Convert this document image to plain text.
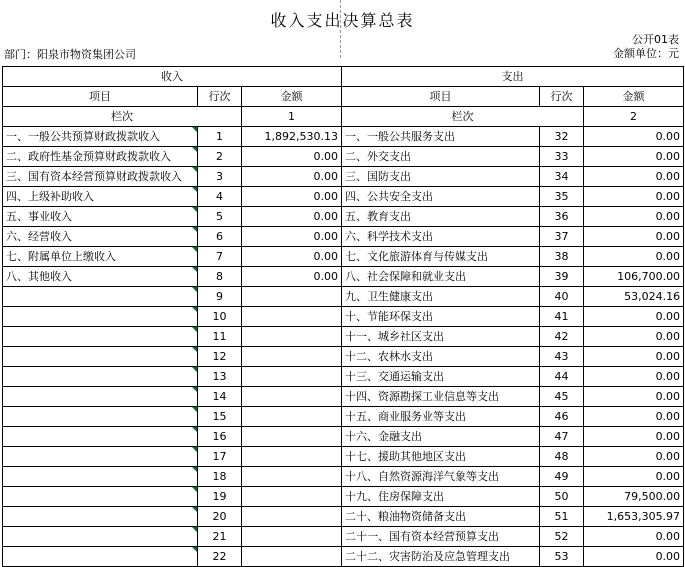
收入支出决算总表
公开01表
金额单位：元
部门：阳泉市物资集团公司
收入			支出		
项目	行次	金额	项目	行次	金额
栏次		1	栏次		2
一、一般公共预算财政拨款收入	1	1,892,530.13	一、一般公共服务支出	32	0.00
二、政府性基金预算财政拨款收入	2	0.00	二、外交支出	33	0.00
三、国有资本经营预算财政拨款收入	3	0.00	三、国防支出	34	0.00
四、上级补助收入	4	0.00	四、公共安全支出	35	0.00
五、事业收入	5	0.00	五、教育支出	36	0.00
六、经营收入	6	0.00	六、科学技术支出	37	0.00
七、附属单位上缴收入	7	0.00	七、文化旅游体育与传媒支出	38	0.00
八、其他收入	8	0.00	八、社会保障和就业支出	39	106,700.00
	9		九、卫生健康支出	40	53,024.16
	10		十、节能环保支出	41	0.00
	11		十一、城乡社区支出	42	0.00
	12		十二、农林水支出	43	0.00
	13		十三、交通运输支出	44	0.00
	14		十四、资源勘探工业信息等支出	45	0.00
	15		十五、商业服务业等支出	46	0.00
	16		十六、金融支出	47	0.00
	17		十七、援助其他地区支出	48	0.00
	18		十八、自然资源海洋气象等支出	49	0.00
	19		十九、住房保障支出	50	79,500.00
	20		二十、粮油物资储备支出	51	1,653,305.97
	21		二十一、国有资本经营预算支出	52	0.00
	22		二十二、灾害防治及应急管理支出	53	0.00
